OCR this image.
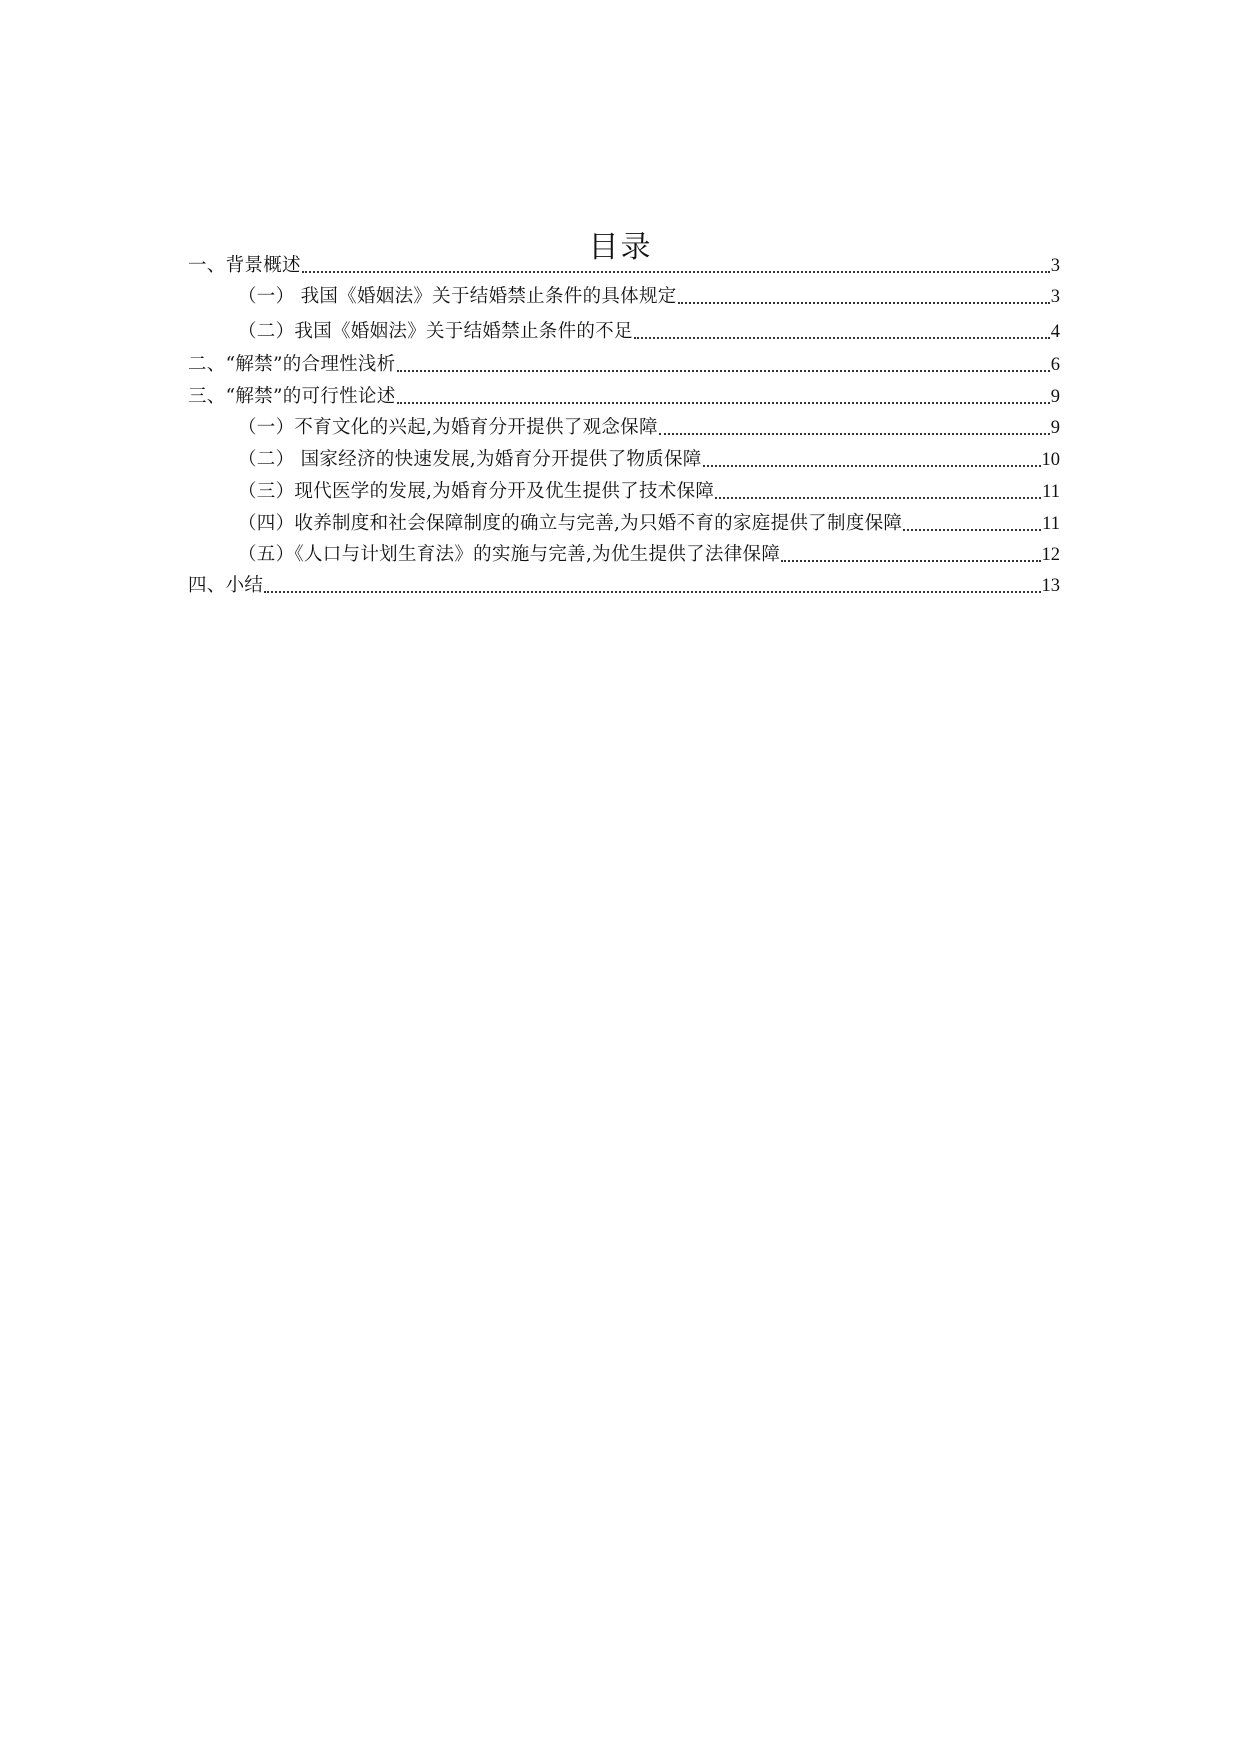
目录
一、背景概述	3
（一） 我国《婚姻法》关于结婚禁止条件的具体规定	3
（二）我国《婚姻法》关于结婚禁止条件的不足	4
二、“解禁”的合理性浅析	6
三、“解禁”的可行性论述	9
（一）不育文化的兴起,为婚育分开提供了观念保障	9
（二） 国家经济的快速发展,为婚育分开提供了物质保障	10
（三）现代医学的发展,为婚育分开及优生提供了技术保障	11
（四）收养制度和社会保障制度的确立与完善,为只婚不育的家庭提供了制度保障	11
（五）《人口与计划生育法》的实施与完善,为优生提供了法律保障	12
四、小结	13
